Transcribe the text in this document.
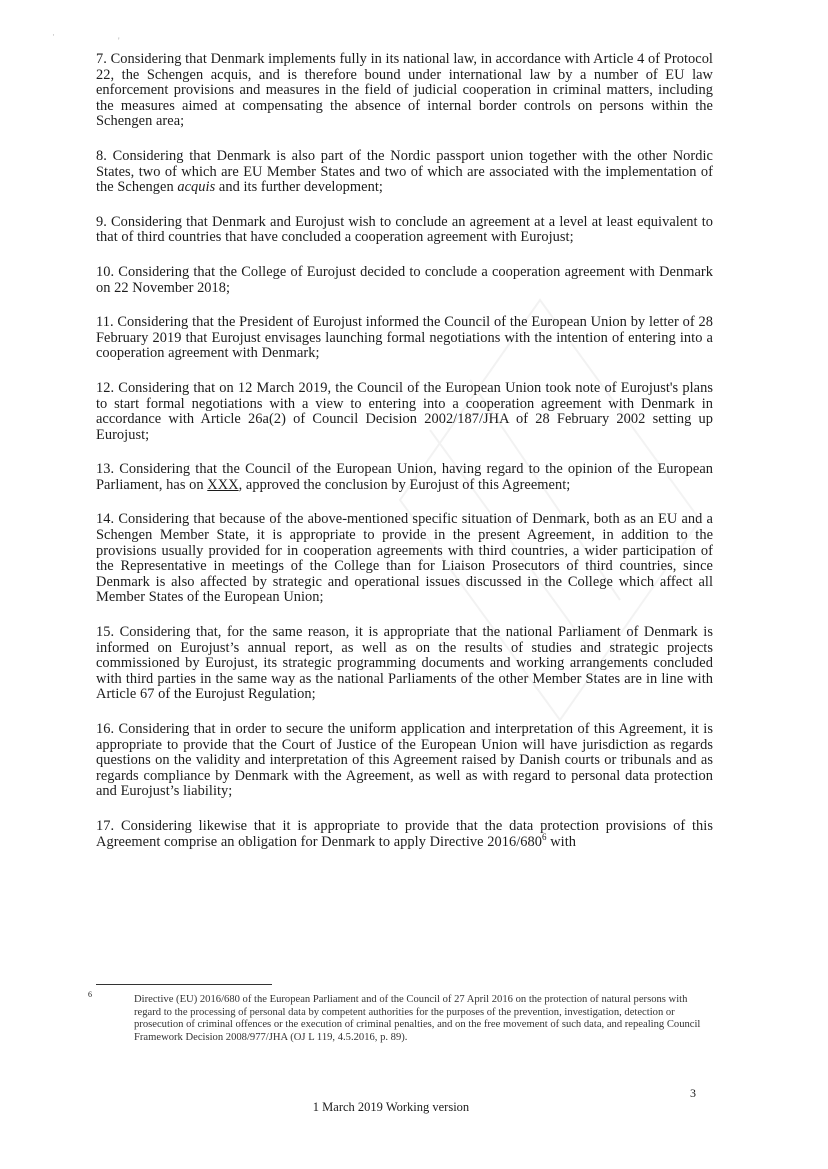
·
'

7. Considering that Denmark implements fully in its national law, in accordance with Article 4 of Protocol 22, the Schengen acquis, and is therefore bound under international law by a number of EU law enforcement provisions and measures in the field of judicial cooperation in criminal matters, including the measures aimed at compensating the absence of internal border controls on persons within the Schengen area;

8. Considering that Denmark is also part of the Nordic passport union together with the other Nordic States, two of which are EU Member States and two of which are associated with the implementation of the Schengen acquis and its further development;

9. Considering that Denmark and Eurojust wish to conclude an agreement at a level at least equivalent to that of third countries that have concluded a cooperation agreement with Eurojust;

10. Considering that the College of Eurojust decided to conclude a cooperation agreement with Denmark on 22 November 2018;

11. Considering that the President of Eurojust informed the Council of the European Union by letter of 28 February 2019 that Eurojust envisages launching formal negotiations with the intention of entering into a cooperation agreement with Denmark;

12. Considering that on 12 March 2019, the Council of the European Union took note of Eurojust's plans to start formal negotiations with a view to entering into a cooperation agreement with Denmark in accordance with Article 26a(2) of Council Decision 2002/187/JHA of 28 February 2002 setting up Eurojust;

13. Considering that the Council of the European Union, having regard to the opinion of the European Parliament, has on XXX, approved the conclusion by Eurojust of this Agreement;

14. Considering that because of the above-mentioned specific situation of Denmark, both as an EU and a Schengen Member State, it is appropriate to provide in the present Agreement, in addition to the provisions usually provided for in cooperation agreements with third countries, a wider participation of the Representative in meetings of the College than for Liaison Prosecutors of third countries, since Denmark is also affected by strategic and operational issues discussed in the College which affect all Member States of the European Union;

15. Considering that, for the same reason, it is appropriate that the national Parliament of Denmark is informed on Eurojust’s annual report, as well as on the results of studies and strategic projects commissioned by Eurojust, its strategic programming documents and working arrangements concluded with third parties in the same way as the national Parliaments of the other Member States are in line with Article 67 of the Eurojust Regulation;

16. Considering that in order to secure the uniform application and interpretation of this Agreement, it is appropriate to provide that the Court of Justice of the European Union will have jurisdiction as regards questions on the validity and interpretation of this Agreement raised by Danish courts or tribunals and as regards compliance by Denmark with the Agreement, as well as with regard to personal data protection and Eurojust’s liability;

17. Considering likewise that it is appropriate to provide that the data protection provisions of this Agreement comprise an obligation for Denmark to apply Directive $2016/680^6$ with

6	Directive (EU) 2016/680 of the European Parliament and of the Council of 27 April 2016 on the protection of natural persons with regard to the processing of personal data by competent authorities for the purposes of the prevention, investigation, detection or prosecution of criminal offences or the execution of criminal penalties, and on the free movement of such data, and repealing Council Framework Decision 2008/977/JHA (OJ L 119, 4.5.2016, p. 89).
3
1 March 2019 Working version
